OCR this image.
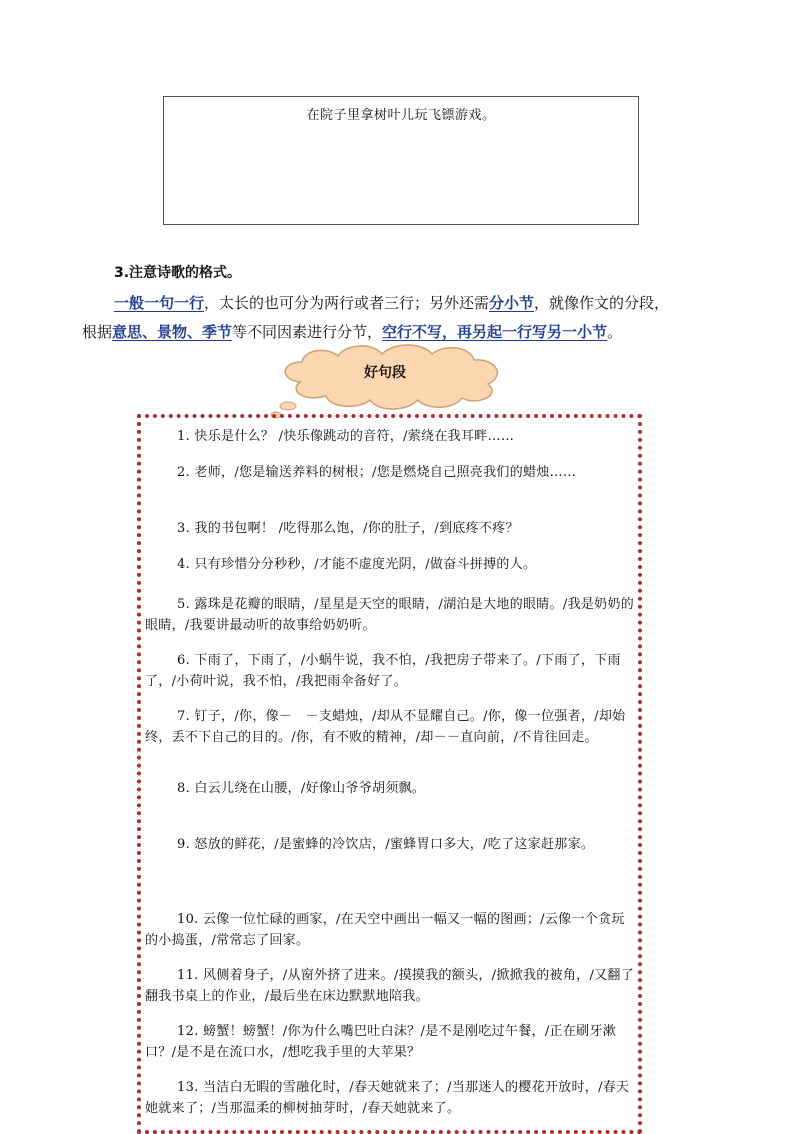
在院子里拿树叶儿玩飞镖游戏。
3.注意诗歌的格式。
一般一句一行，太长的也可分为两行或者三行；另外还需分小节，就像作文的分段，
根据意思、景物、季节等不同因素进行分节，空行不写，再另起一行写另一小节。
好句段
1. 快乐是什么？ /快乐像跳动的音符，/萦绕在我耳畔……
2. 老师，/您是输送养料的树根；/您是燃烧自己照亮我们的蜡烛……
3. 我的书包啊！ /吃得那么饱，/你的肚子，/到底疼不疼？
4. 只有珍惜分分秒秒，/才能不虚度光阴，/做奋斗拼搏的人。
5. 露珠是花瓣的眼睛，/星星是天空的眼睛，/湖泊是大地的眼睛。/我是奶奶的眼睛，/我要讲最动听的故事给奶奶听。
6. 下雨了，下雨了，/小蜗牛说，我不怕，/我把房子带来了。/下雨了，下雨了，/小荷叶说，我不怕，/我把雨伞备好了。
7. 钉子，/你，像－　－支蜡烛，/却从不显耀自己。/你，像一位强者，/却始终，丢不下自己的目的。/你，有不败的精神，/却－－直向前，/不肯往回走。
8. 白云儿绕在山腰，/好像山爷爷胡须飘。
9. 怒放的鲜花，/是蜜蜂的冷饮店，/蜜蜂胃口多大，/吃了这家赶那家。
10. 云像一位忙碌的画家，/在天空中画出一幅又一幅的图画；/云像一个贪玩的小捣蛋，/常常忘了回家。
11. 风侧着身子，/从窗外挤了进来。/摸摸我的额头，/掀掀我的被角，/又翻了翻我书桌上的作业，/最后坐在床边默默地陪我。
12. 螃蟹！螃蟹！/你为什么嘴巴吐白沫？/是不是刚吃过午餐，/正在刷牙漱口？/是不是在流口水，/想吃我手里的大苹果？
13. 当洁白无暇的雪融化时，/春天她就来了；/当那迷人的樱花开放时，/春天她就来了；/当那温柔的柳树抽芽时，/春天她就来了。
